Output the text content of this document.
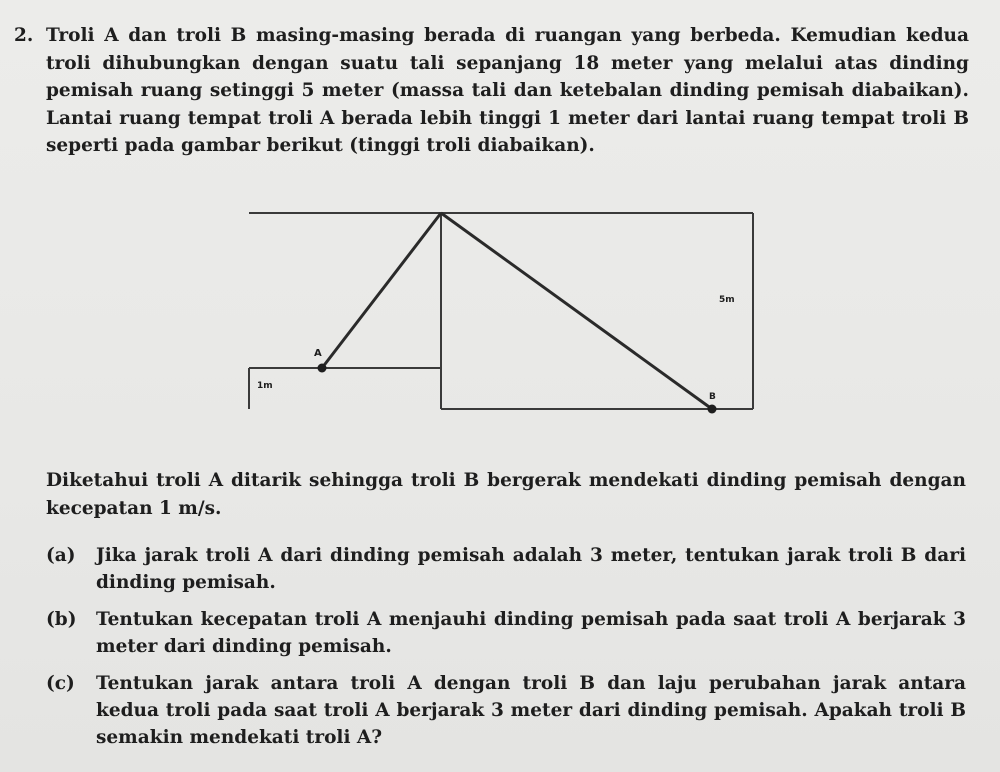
2. Troli A dan troli B masing-masing berada di ruangan yang berbeda. Kemudian kedua troli dihubungkan dengan suatu tali sepanjang 18 meter yang melalui atas dinding pemisah ruang setinggi 5 meter (massa tali dan ketebalan dinding pemisah diabaikan). Lantai ruang tempat troli A berada lebih tinggi 1 meter dari lantai ruang tempat troli B seperti pada gambar berikut (tinggi troli diabaikan).
A
B
5m
1m
Diketahui troli A ditarik sehingga troli B bergerak mendekati dinding pemisah dengan kecepatan 1 m/s.
(a) Jika jarak troli A dari dinding pemisah adalah 3 meter, tentukan jarak troli B dari dinding pemisah.
(b) Tentukan kecepatan troli A menjauhi dinding pemisah pada saat troli A berjarak 3 meter dari dinding pemisah.
(c) Tentukan jarak antara troli A dengan troli B dan laju perubahan jarak antara kedua troli pada saat troli A berjarak 3 meter dari dinding pemisah. Apakah troli B semakin mendekati troli A?
